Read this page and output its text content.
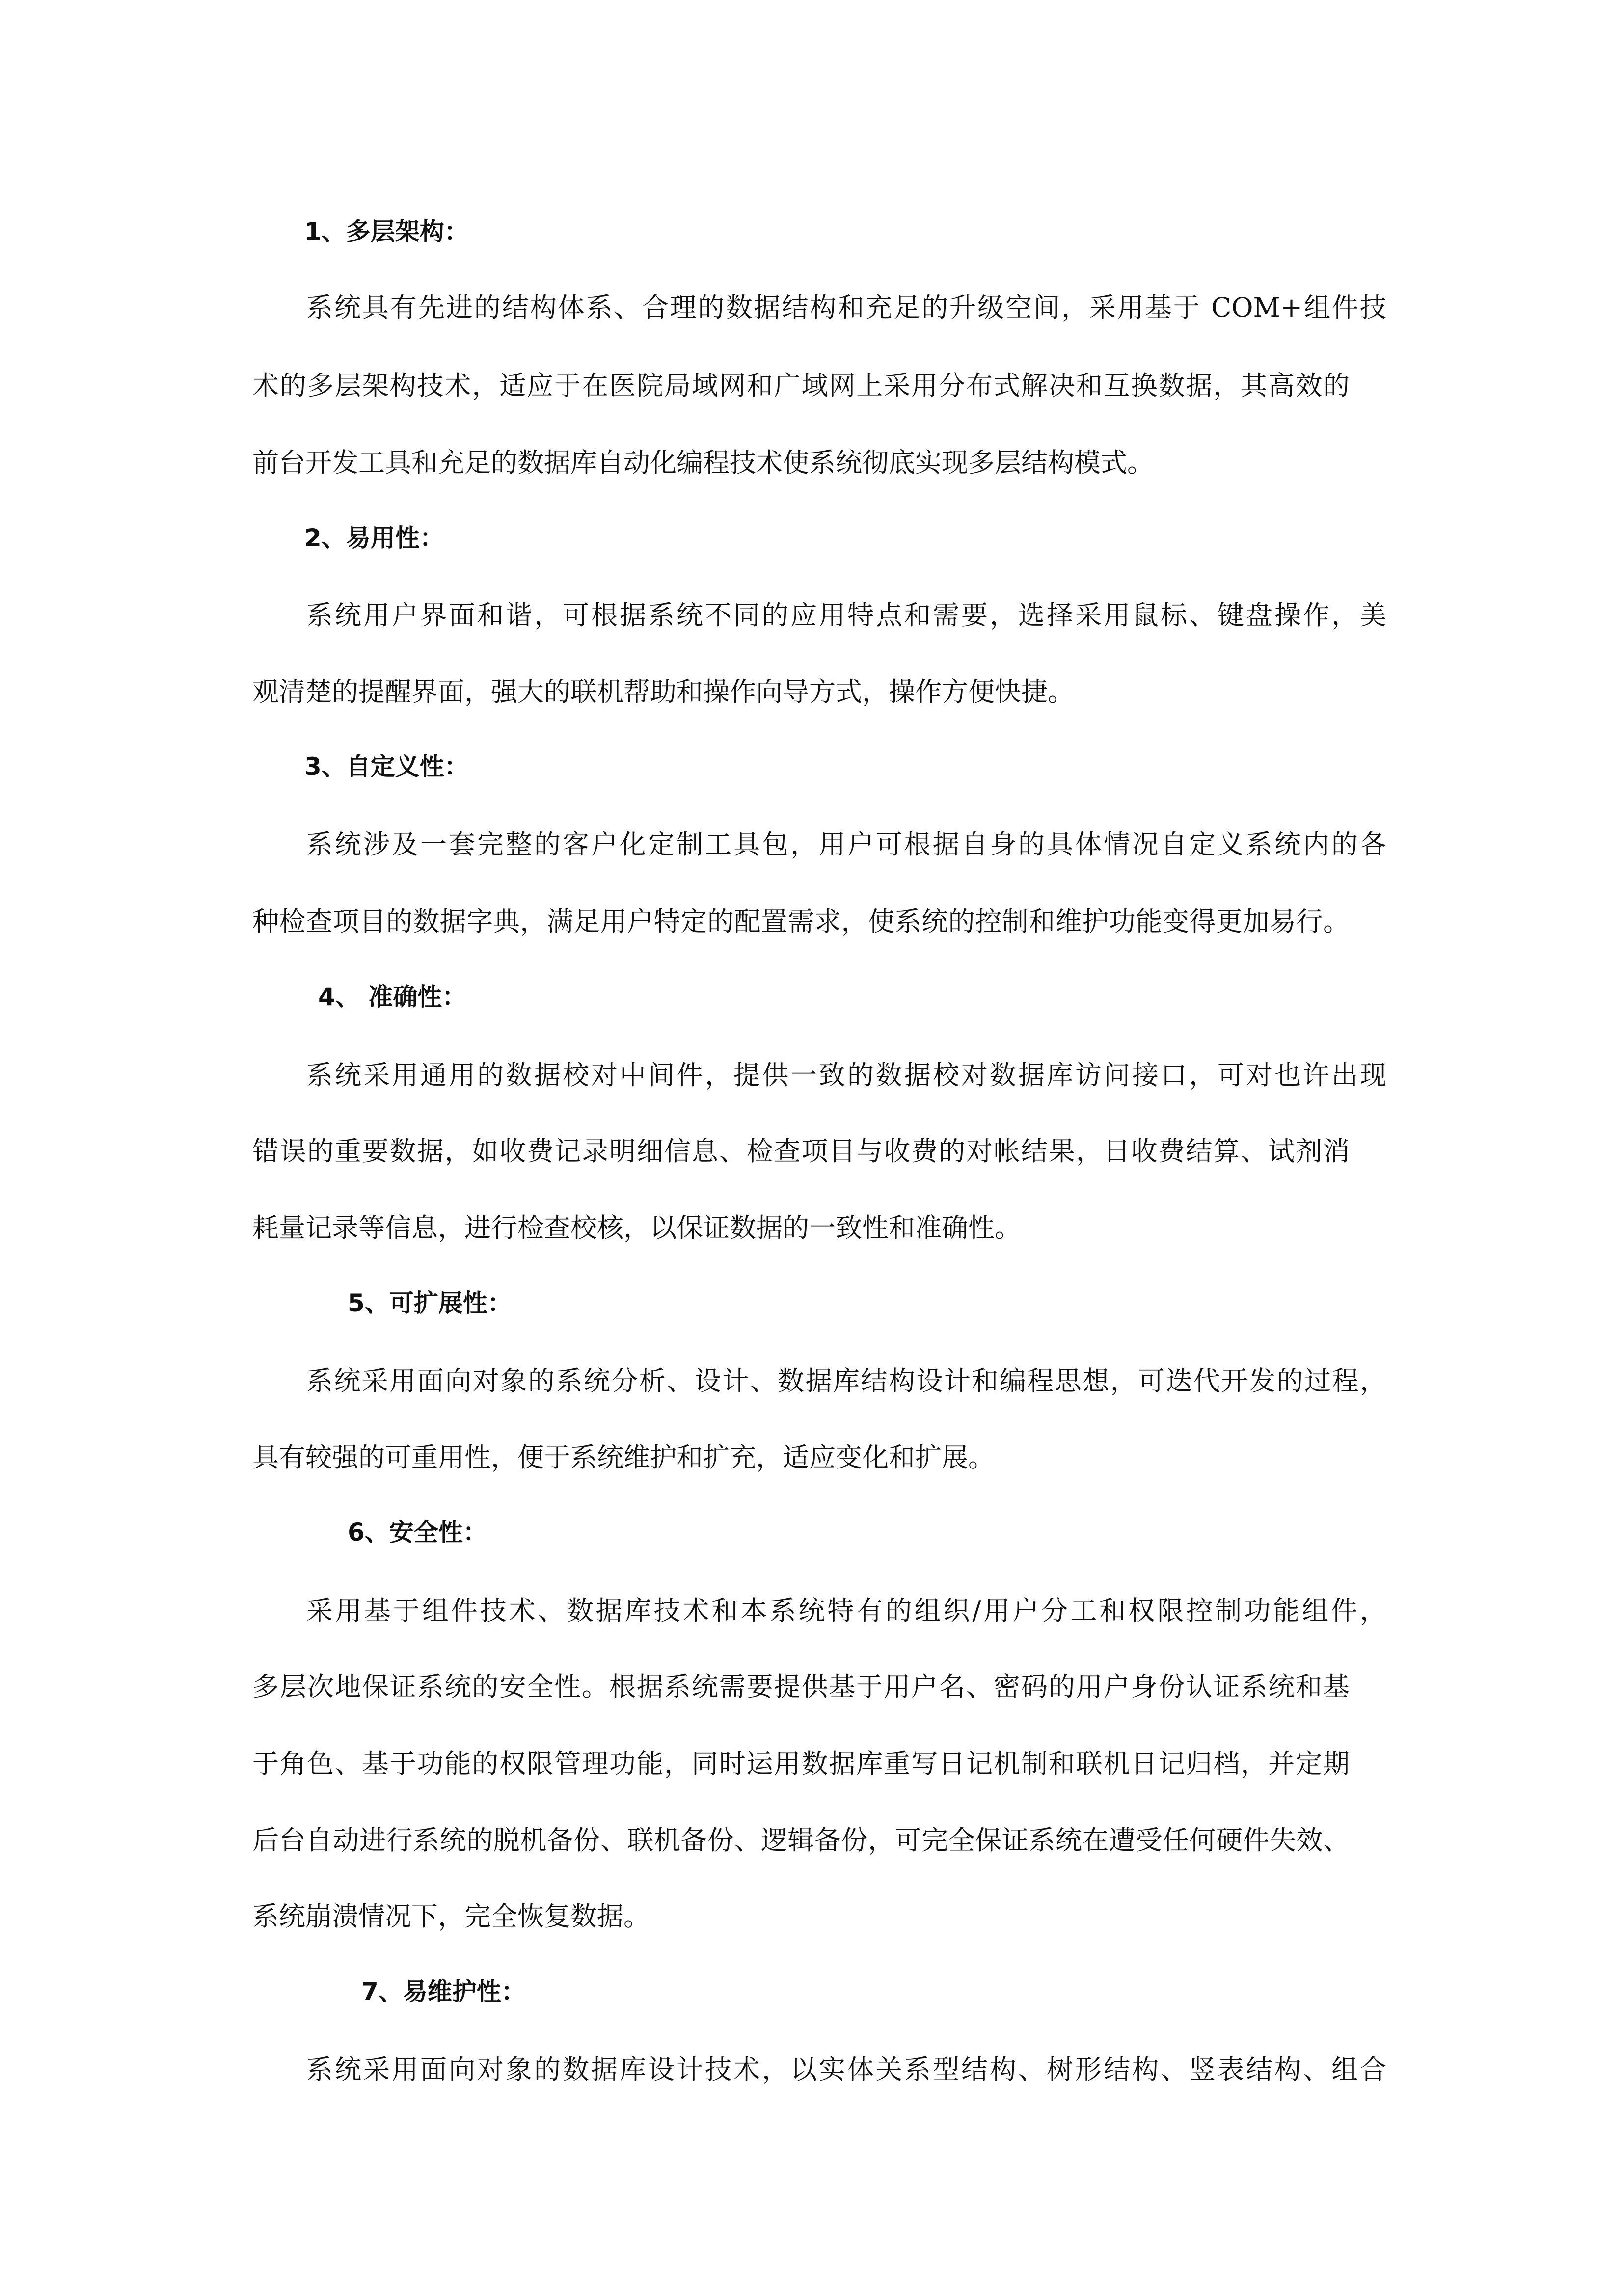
1、多层架构：

系统具有先进的结构体系、合理的数据结构和充足的升级空间，采用基于 COM+组件技

术的多层架构技术，适应于在医院局域网和广域网上采用分布式解决和互换数据，其高效的

前台开发工具和充足的数据库自动化编程技术使系统彻底实现多层结构模式。

2、易用性：

系统用户界面和谐，可根据系统不同的应用特点和需要，选择采用鼠标、键盘操作，美

观清楚的提醒界面，强大的联机帮助和操作向导方式，操作方便快捷。

3、自定义性：

系统涉及一套完整的客户化定制工具包，用户可根据自身的具体情况自定义系统内的各

种检查项目的数据字典，满足用户特定的配置需求，使系统的控制和维护功能变得更加易行。

4、 准确性：

系统采用通用的数据校对中间件，提供一致的数据校对数据库访问接口，可对也许出现

错误的重要数据，如收费记录明细信息、检查项目与收费的对帐结果，日收费结算、试剂消

耗量记录等信息，进行检查校核，以保证数据的一致性和准确性。

5、可扩展性：

系统采用面向对象的系统分析、设计、数据库结构设计和编程思想，可迭代开发的过程，

具有较强的可重用性，便于系统维护和扩充，适应变化和扩展。

6、安全性：

采用基于组件技术、数据库技术和本系统特有的组织/用户分工和权限控制功能组件，

多层次地保证系统的安全性。根据系统需要提供基于用户名、密码的用户身份认证系统和基

于角色、基于功能的权限管理功能，同时运用数据库重写日记机制和联机日记归档，并定期

后台自动进行系统的脱机备份、联机备份、逻辑备份，可完全保证系统在遭受任何硬件失效、

系统崩溃情况下，完全恢复数据。

7、易维护性：

系统采用面向对象的数据库设计技术，以实体关系型结构、树形结构、竖表结构、组合
